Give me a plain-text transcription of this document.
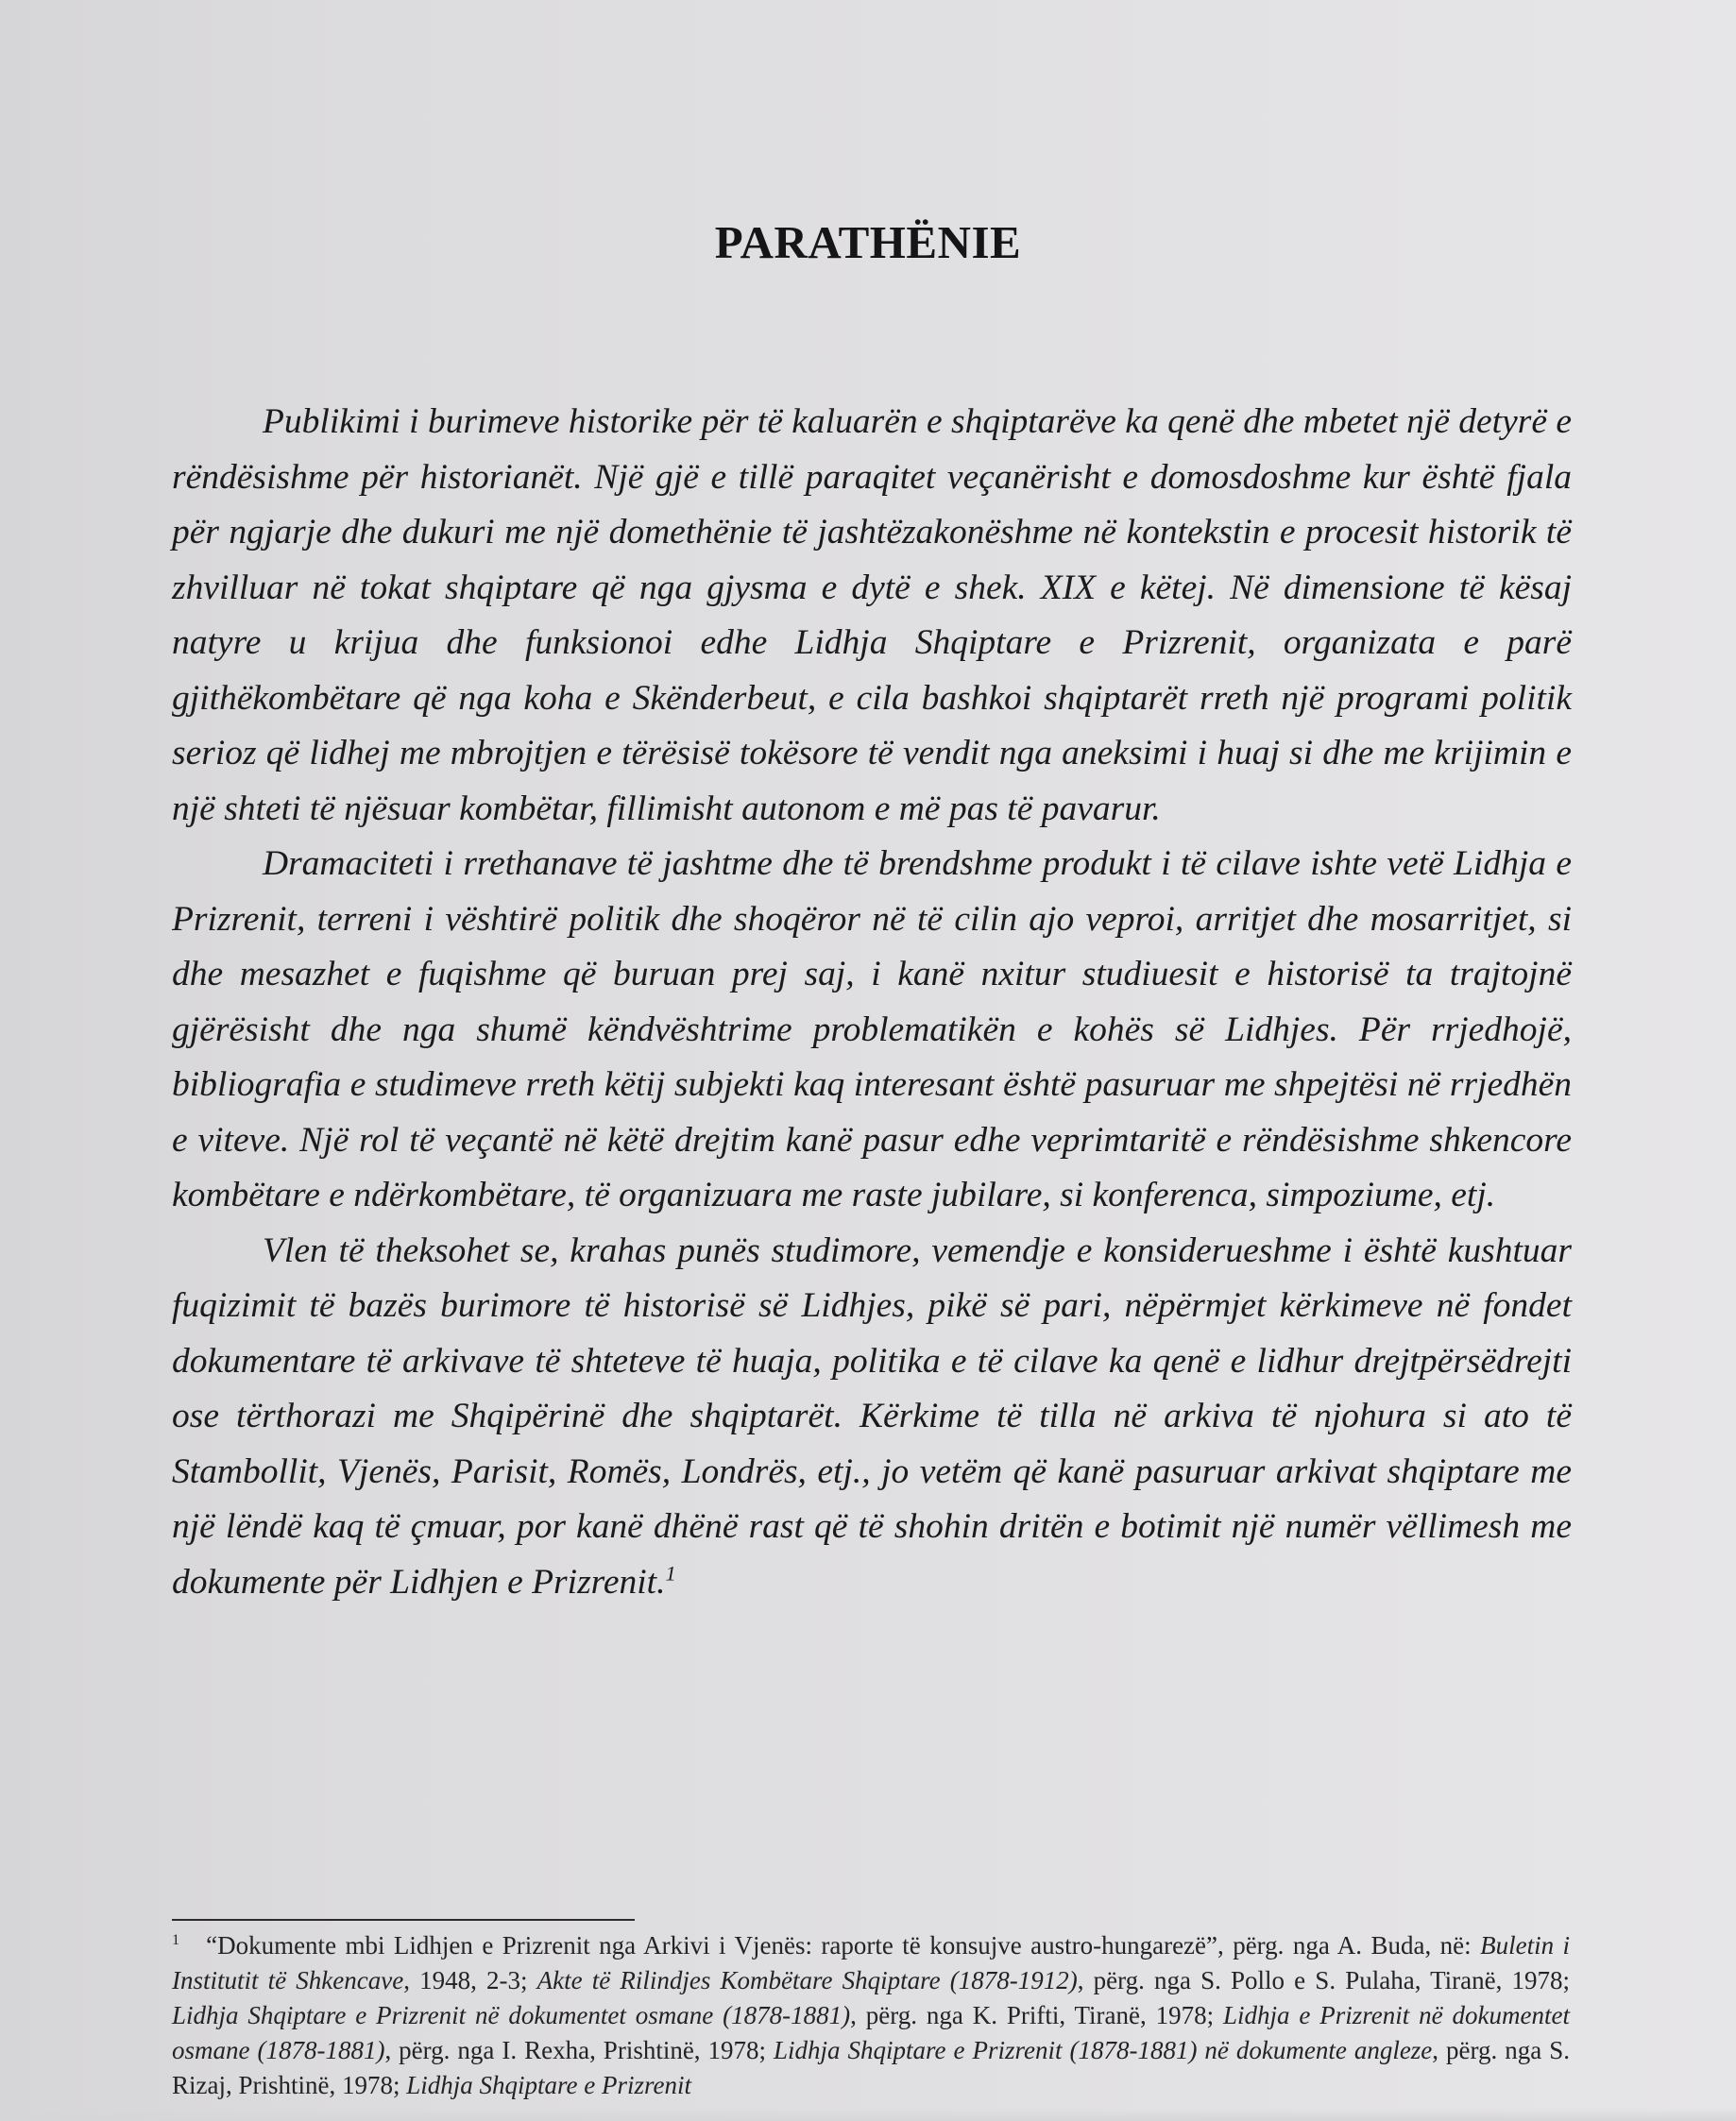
PARATHËNIE

Publikimi i burimeve historike për të kaluarën e shqiptarëve ka qenë dhe mbetet një detyrë e rëndësishme për historianët. Një gjë e tillë paraqitet veçanërisht e domosdoshme kur është fjala për ngjarje dhe dukuri me një domethënie të jashtëzakonëshme në kontekstin e procesit historik të zhvilluar në tokat shqiptare që nga gjysma e dytë e shek. XIX e këtej. Në dimensione të kësaj natyre u krijua dhe funksionoi edhe Lidhja Shqiptare e Prizrenit, organizata e parë gjithëkombëtare që nga koha e Skënderbeut, e cila bashkoi shqiptarët rreth një programi politik serioz që lidhej me mbrojtjen e tërësisë tokësore të vendit nga aneksimi i huaj si dhe me krijimin e një shteti të njësuar kombëtar, fillimisht autonom e më pas të pavarur.

Dramaciteti i rrethanave të jashtme dhe të brendshme produkt i të cilave ishte vetë Lidhja e Prizrenit, terreni i vështirë politik dhe shoqëror në të cilin ajo veproi, arritjet dhe mosarritjet, si dhe mesazhet e fuqishme që buruan prej saj, i kanë nxitur studiuesit e historisë ta trajtojnë gjërësisht dhe nga shumë këndvështrime problematikën e kohës së Lidhjes. Për rrjedhojë, bibliografia e studimeve rreth këtij subjekti kaq interesant është pasuruar me shpejtësi në rrjedhën e viteve. Një rol të veçantë në këtë drejtim kanë pasur edhe veprimtaritë e rëndësishme shkencore kombëtare e ndërkombëtare, të organizuara me raste jubilare, si konferenca, simpoziume, etj.

Vlen të theksohet se, krahas punës studimore, vemendje e konsiderueshme i është kushtuar fuqizimit të bazës burimore të historisë së Lidhjes, pikë së pari, nëpërmjet kërkimeve në fondet dokumentare të arkivave të shteteve të huaja, politika e të cilave ka qenë e lidhur drejtpërsëdrejti ose tërthorazi me Shqipërinë dhe shqiptarët. Kërkime të tilla në arkiva të njohura si ato të Stambollit, Vjenës, Parisit, Romës, Londrës, etj., jo vetëm që kanë pasuruar arkivat shqiptare me një lëndë kaq të çmuar, por kanë dhënë rast që të shohin dritën e botimit një numër vëllimesh me dokumente për Lidhjen e Prizrenit.$^1$

$^1$ “Dokumente mbi Lidhjen e Prizrenit nga Arkivi i Vjenës: raporte të konsujve austro-hungarezë”, përg. nga A. Buda, në: Buletin i Institutit të Shkencave, 1948, 2-3; Akte të Rilindjes Kombëtare Shqiptare (1878-1912), përg. nga S. Pollo e S. Pulaha, Tiranë, 1978; Lidhja Shqiptare e Prizrenit në dokumentet osmane (1878-1881), përg. nga K. Prifti, Tiranë, 1978; Lidhja e Prizrenit në dokumentet osmane (1878-1881), përg. nga I. Rexha, Prishtinë, 1978; Lidhja Shqiptare e Prizrenit (1878-1881) në dokumente angleze, përg. nga S. Rizaj, Prishtinë, 1978; Lidhja Shqiptare e Prizrenit
